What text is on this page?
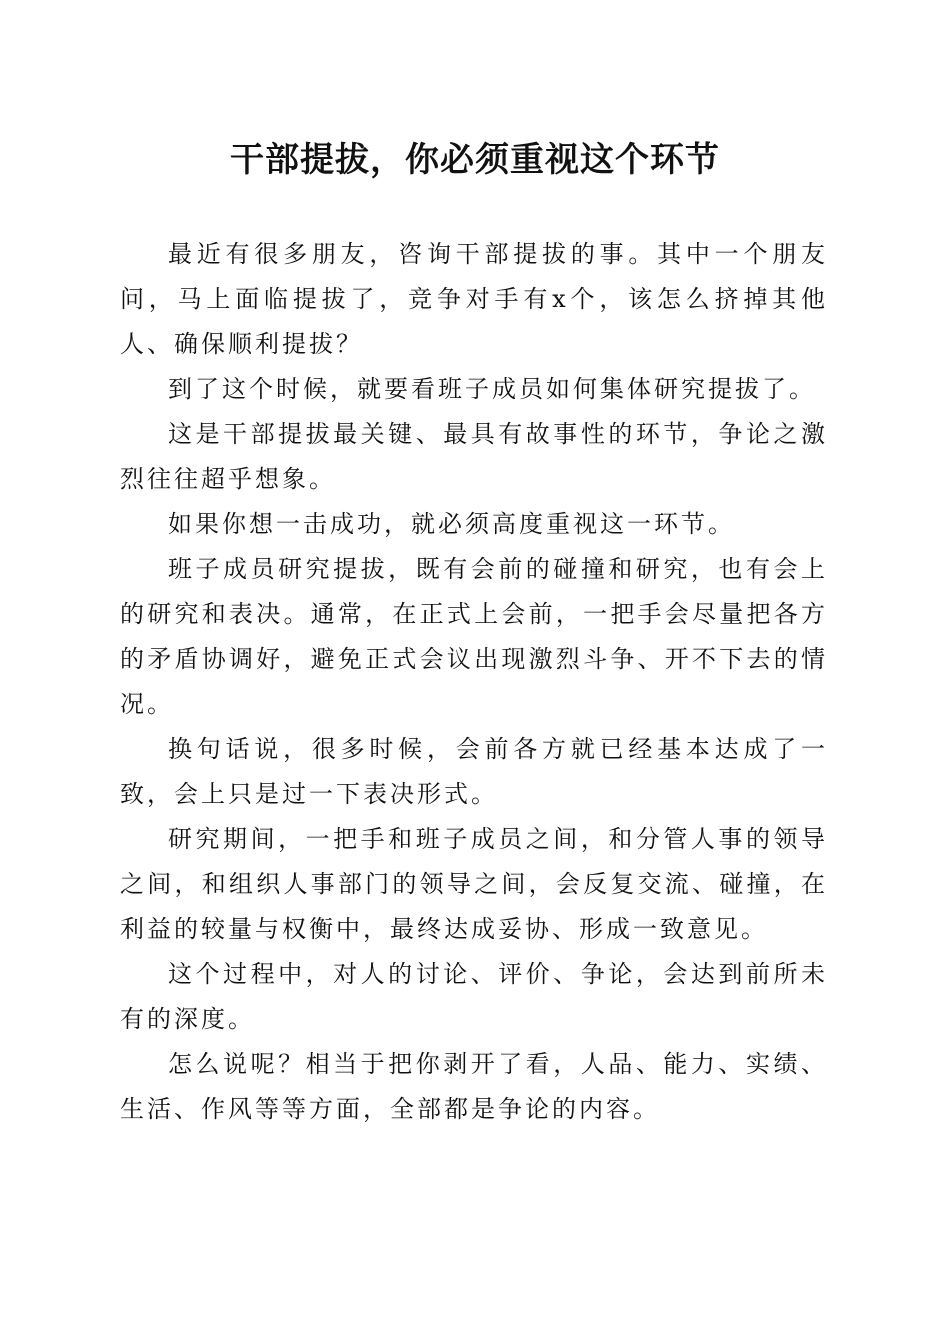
干部提拔，你必须重视这个环节

最近有很多朋友，咨询干部提拔的事。其中一个朋友问，马上面临提拔了，竞争对手有x个，该怎么挤掉其他人、确保顺利提拔？

到了这个时候，就要看班子成员如何集体研究提拔了。

这是干部提拔最关键、最具有故事性的环节，争论之激烈往往超乎想象。

如果你想一击成功，就必须高度重视这一环节。

班子成员研究提拔，既有会前的碰撞和研究，也有会上的研究和表决。通常，在正式上会前，一把手会尽量把各方的矛盾协调好，避免正式会议出现激烈斗争、开不下去的情况。

换句话说，很多时候，会前各方就已经基本达成了一致，会上只是过一下表决形式。

研究期间，一把手和班子成员之间，和分管人事的领导之间，和组织人事部门的领导之间，会反复交流、碰撞，在利益的较量与权衡中，最终达成妥协、形成一致意见。

这个过程中，对人的讨论、评价、争论，会达到前所未有的深度。

怎么说呢？相当于把你剥开了看，人品、能力、实绩、生活、作风等等方面，全部都是争论的内容。
